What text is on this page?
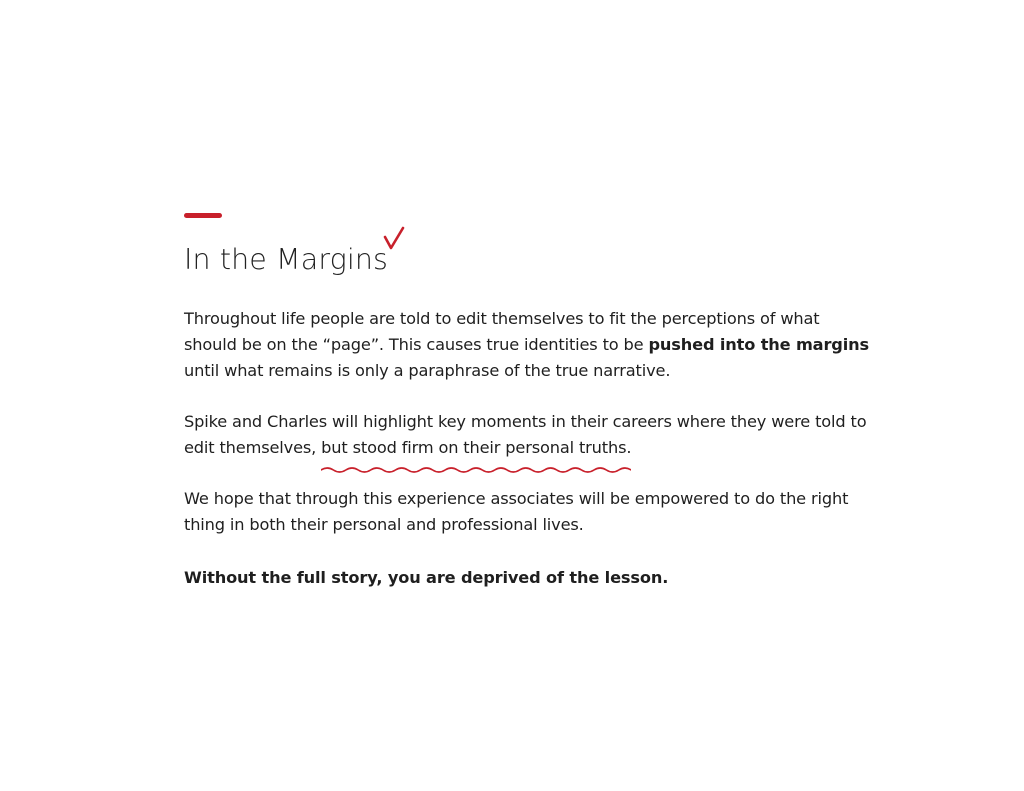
In the Margins

Throughout life people are told to edit themselves to fit the perceptions of what should be on the “page”. This causes true identities to be pushed into the margins until what remains is only a paraphrase of the true narrative.

Spike and Charles will highlight key moments in their careers where they were told to edit themselves, but stood firm on their personal truths.

We hope that through this experience associates will be empowered to do the right thing in both their personal and professional lives.

Without the full story, you are deprived of the lesson.
